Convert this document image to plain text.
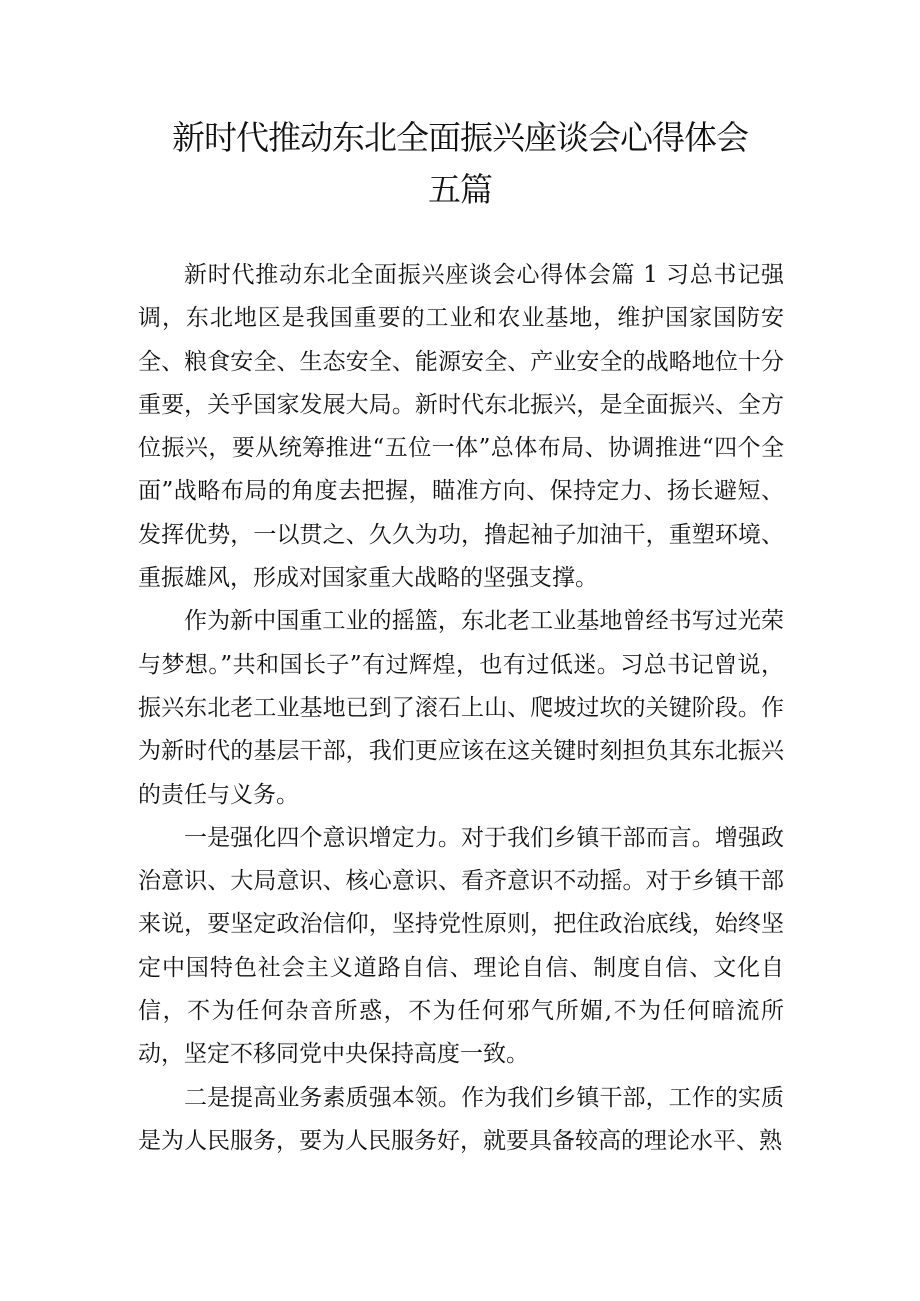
新时代推动东北全面振兴座谈会心得体会
五篇

新时代推动东北全面振兴座谈会心得体会篇 1 习总书记强调，东北地区是我国重要的工业和农业基地，维护国家国防安全、粮食安全、生态安全、能源安全、产业安全的战略地位十分重要，关乎国家发展大局。新时代东北振兴，是全面振兴、全方位振兴，要从统筹推进“五位一体”总体布局、协调推进“四个全面”战略布局的角度去把握，瞄准方向、保持定力、扬长避短、发挥优势，一以贯之、久久为功，撸起袖子加油干，重塑环境、重振雄风，形成对国家重大战略的坚强支撑。

作为新中国重工业的摇篮，东北老工业基地曾经书写过光荣与梦想。”共和国长子”有过辉煌，也有过低迷。习总书记曾说，振兴东北老工业基地已到了滚石上山、爬坡过坎的关键阶段。作为新时代的基层干部，我们更应该在这关键时刻担负其东北振兴的责任与义务。

一是强化四个意识增定力。对于我们乡镇干部而言。增强政治意识、大局意识、核心意识、看齐意识不动摇。对于乡镇干部来说，要坚定政治信仰，坚持党性原则，把住政治底线，始终坚定中国特色社会主义道路自信、理论自信、制度自信、文化自信，不为任何杂音所惑，不为任何邪气所媚,不为任何暗流所动，坚定不移同党中央保持高度一致。

二是提高业务素质强本领。作为我们乡镇干部，工作的实质是为人民服务，要为人民服务好，就要具备较高的理论水平、熟
